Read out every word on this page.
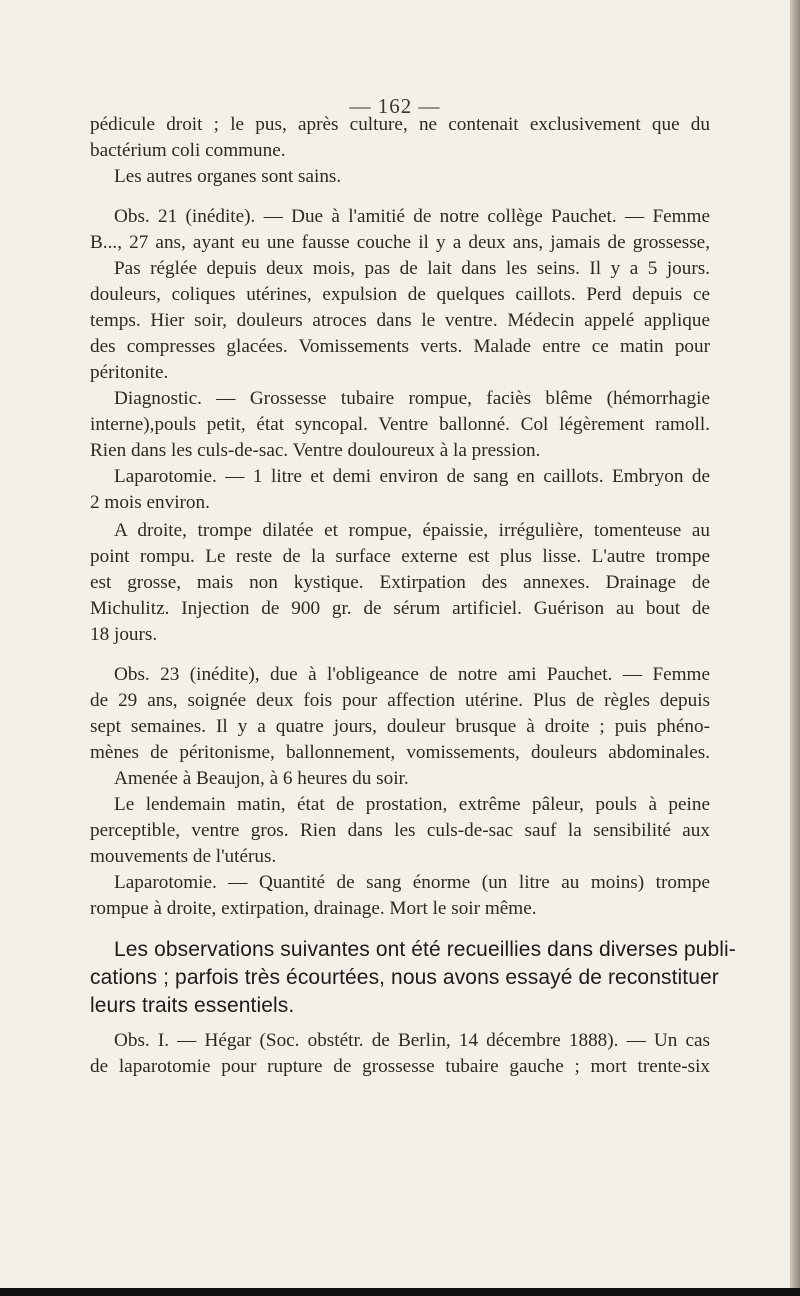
— 162 —
pédicule droit ; le pus, après culture, ne contenait exclusivement que du
bactérium coli commune.
Les autres organes sont sains.
Obs. 21 (inédite). — Due à l'amitié de notre collège Pauchet. — Femme
B..., 27 ans, ayant eu une fausse couche il y a deux ans, jamais de grossesse,
Pas réglée depuis deux mois, pas de lait dans les seins. Il y a 5 jours.
douleurs, coliques utérines, expulsion de quelques caillots. Perd depuis ce
temps. Hier soir, douleurs atroces dans le ventre. Médecin appelé applique
des compresses glacées. Vomissements verts. Malade entre ce matin pour
péritonite.
Diagnostic. — Grossesse tubaire rompue, faciès blême (hémorrhagie
interne),pouls petit, état syncopal. Ventre ballonné. Col légèrement ramoll.
Rien dans les culs-de-sac. Ventre douloureux à la pression.
Laparotomie. — 1 litre et demi environ de sang en caillots. Embryon de
2 mois environ.
A droite, trompe dilatée et rompue, épaissie, irrégulière, tomenteuse au
point rompu. Le reste de la surface externe est plus lisse. L'autre trompe
est grosse, mais non kystique. Extirpation des annexes. Drainage de
Michulitz. Injection de 900 gr. de sérum artificiel. Guérison au bout de
18 jours.
Obs. 23 (inédite), due à l'obligeance de notre ami Pauchet. — Femme
de 29 ans, soignée deux fois pour affection utérine. Plus de règles depuis
sept semaines. Il y a quatre jours, douleur brusque à droite ; puis phéno-
mènes de péritonisme, ballonnement, vomissements, douleurs abdominales.
Amenée à Beaujon, à 6 heures du soir.
Le lendemain matin, état de prostation, extrême pâleur, pouls à peine
perceptible, ventre gros. Rien dans les culs-de-sac sauf la sensibilité aux
mouvements de l'utérus.
Laparotomie. — Quantité de sang énorme (un litre au moins) trompe
rompue à droite, extirpation, drainage. Mort le soir même.
Les observations suivantes ont été recueillies dans diverses publi-
cations ; parfois très écourtées, nous avons essayé de reconstituer
leurs traits essentiels.
Obs. I. — Hégar (Soc. obstétr. de Berlin, 14 décembre 1888). — Un cas
de laparotomie pour rupture de grossesse tubaire gauche ; mort trente-six
